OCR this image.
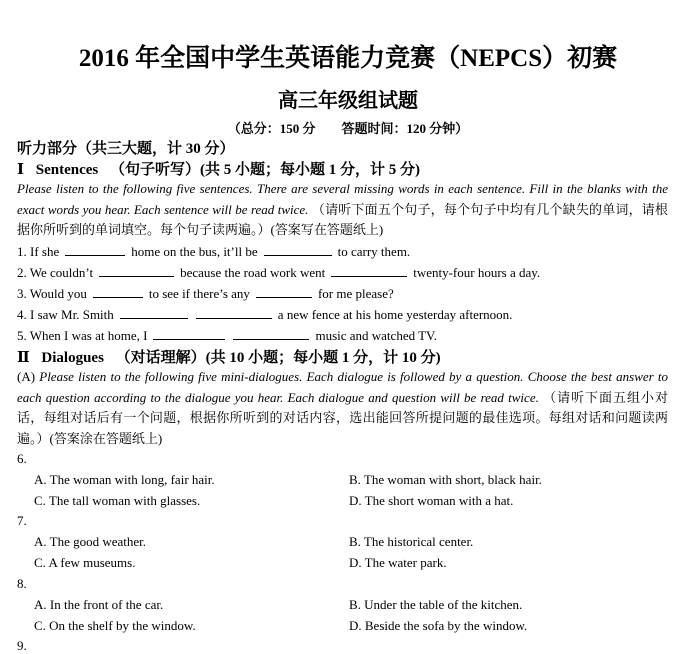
2016 年全国中学生英语能力竞赛（NEPCS）初赛
高三年级组试题
（总分：150 分 答题时间：120 分钟）
听力部分（共三大题，计 30 分）
Ⅰ Sentences （句子听写）(共 5 小题；每小题 1 分，计 5 分)
Please listen to the following five sentences. There are several missing words in each sentence. Fill in the blanks with the exact words you hear. Each sentence will be read twice. （请听下面五个句子，每个句子中均有几个缺失的单词，请根据你所听到的单词填空。每个句子读两遍。）(答案写在答题纸上)
1. If she	home on the bus, it’ll be	to carry them.
2. We couldn’t	because the road work went	twenty-four hours a day.
3. Would you	to see if there’s any	for me please?
4. I saw Mr. Smith	a new fence at his home yesterday afternoon.
5. When I was at home, I	music and watched TV.
Ⅱ Dialogues （对话理解）(共 10 小题；每小题 1 分，计 10 分)
(A) Please listen to the following five mini-dialogues. Each dialogue is followed by a question. Choose the best answer to each question according to the dialogue you hear. Each dialogue and question will be read twice. （请听下面五组小对话，每组对话后有一个问题，根据你所听到的对话内容，选出能回答所提问题的最佳选项。每组对话和问题读两遍。）(答案涂在答题纸上)
6.
A. The woman with long, fair hair.	B. The woman with short, black hair.
C. The tall woman with glasses.	D. The short woman with a hat.
7.
A. The good weather.	B. The historical center.
C. A few museums.	D. The water park.
8.
A. In the front of the car.	B. Under the table of the kitchen.
C. On the shelf by the window.	D. Beside the sofa by the window.
9.
